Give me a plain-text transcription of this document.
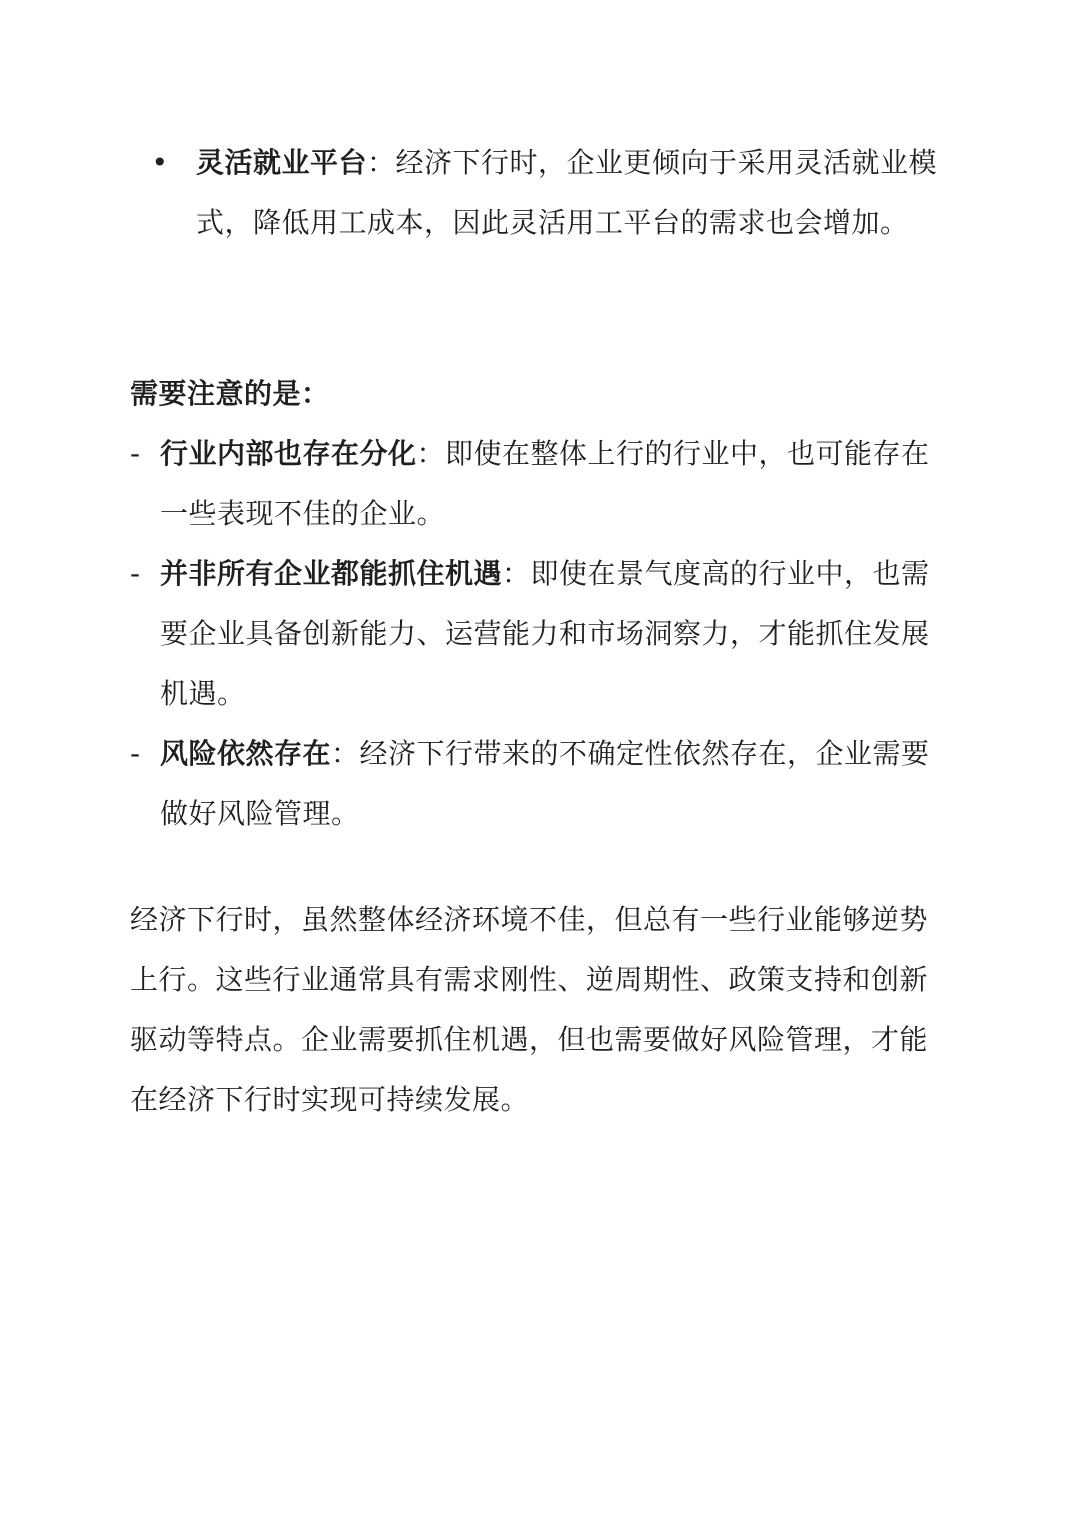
• 灵活就业平台：经济下行时，企业更倾向于采用灵活就业模式，降低用工成本，因此灵活用工平台的需求也会增加。
需要注意的是：
- 行业内部也存在分化：即使在整体上行的行业中，也可能存在一些表现不佳的企业。
- 并非所有企业都能抓住机遇：即使在景气度高的行业中，也需要企业具备创新能力、运营能力和市场洞察力，才能抓住发展机遇。
- 风险依然存在：经济下行带来的不确定性依然存在，企业需要做好风险管理。
经济下行时，虽然整体经济环境不佳，但总有一些行业能够逆势上行。这些行业通常具有需求刚性、逆周期性、政策支持和创新驱动等特点。企业需要抓住机遇，但也需要做好风险管理，才能在经济下行时实现可持续发展。
